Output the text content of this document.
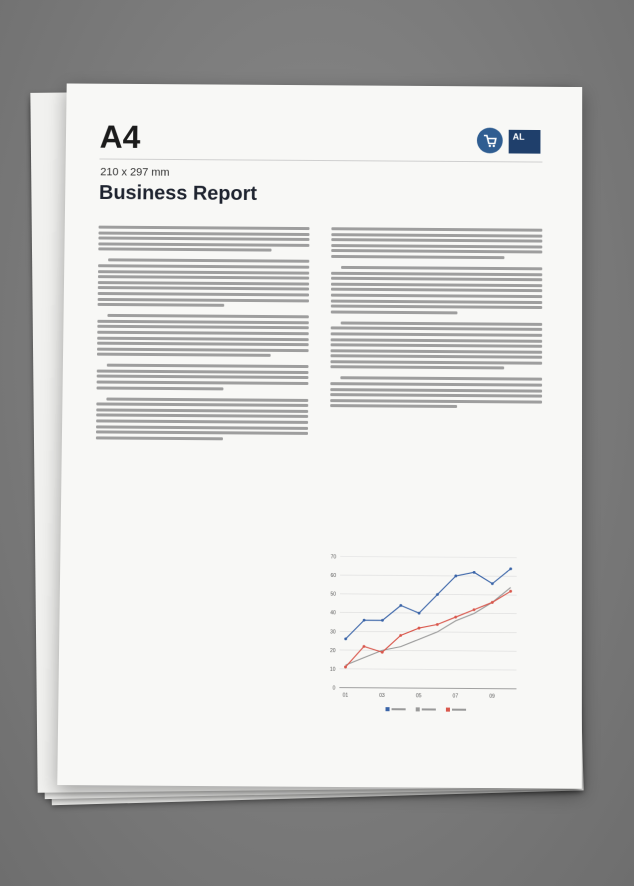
A4
210 x 297 mm
AL
Business Report
0
10
20
30
40
50
60
70
01	03	05	07	09
